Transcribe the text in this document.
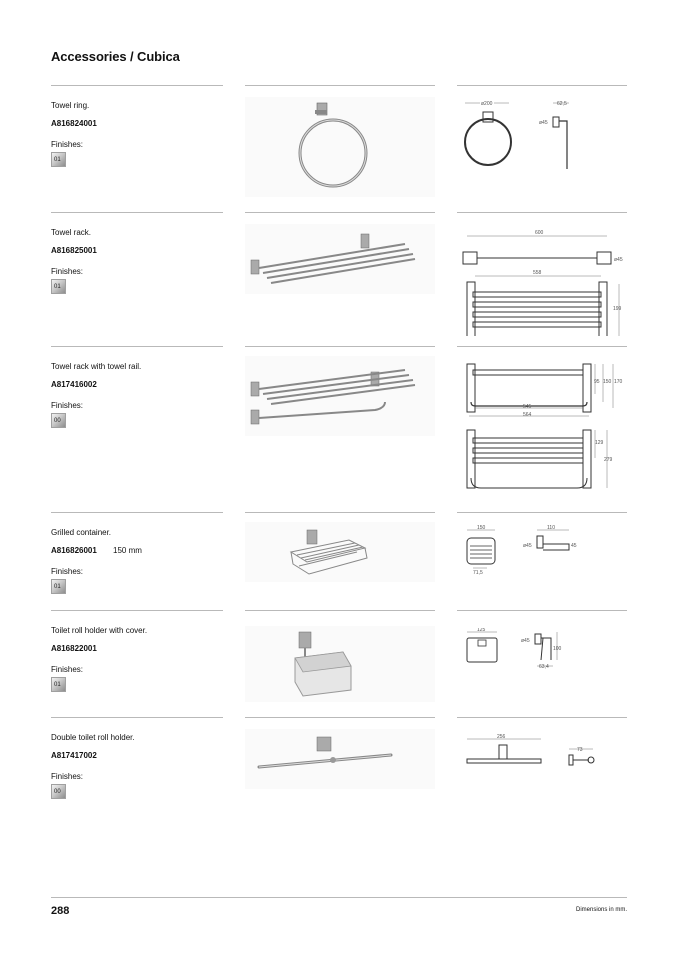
Accessories / Cubica
Towel ring.
A816824001
Finishes:
01
ø200	62,5
ø45
Towel rack.
A816825001
Finishes:
01
600
ø45
558
199
Towel rack with towel rail.
A817416002
Finishes:
00
95 150 170
545
564
129
279
Grilled container.
A816826001 150 mm
Finishes:
01
150
71,5
110
ø45	45
Toilet roll holder with cover.
A816822001
Finishes:
01
125
ø45
100
63,4
Double toilet roll holder.
A817417002
Finishes:
00
256
73
288	Dimensions in mm.
